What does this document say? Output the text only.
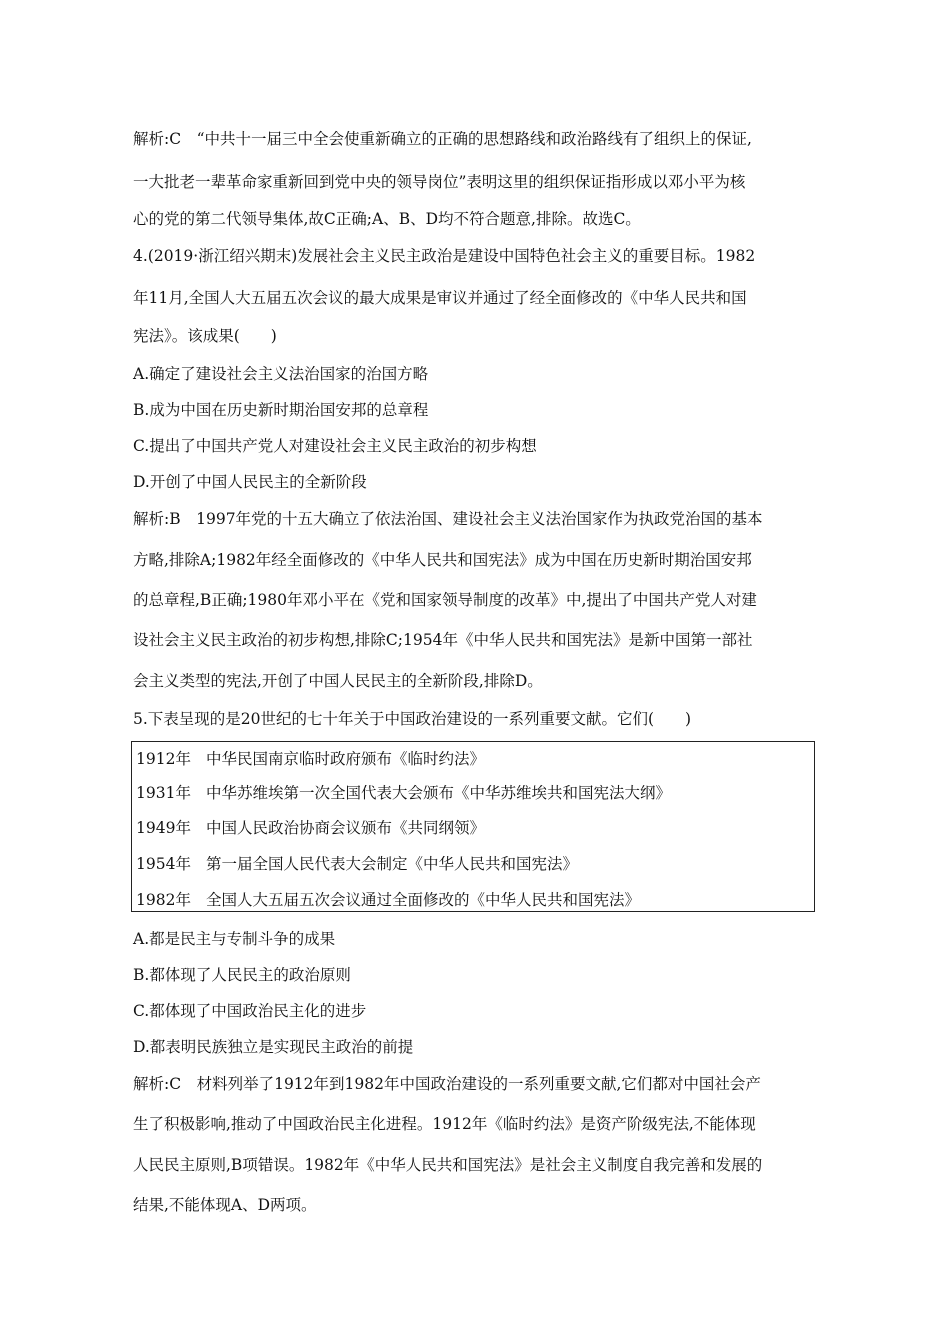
解析:C　“中共十一届三中全会使重新确立的正确的思想路线和政治路线有了组织上的保证,
一大批老一辈革命家重新回到党中央的领导岗位”表明这里的组织保证指形成以邓小平为核
心的党的第二代领导集体,故C正确;A、B、D均不符合题意,排除。故选C。
4.(2019·浙江绍兴期末)发展社会主义民主政治是建设中国特色社会主义的重要目标。1982
年11月,全国人大五届五次会议的最大成果是审议并通过了经全面修改的《中华人民共和国
宪法》。该成果(　　)
A.确定了建设社会主义法治国家的治国方略
B.成为中国在历史新时期治国安邦的总章程
C.提出了中国共产党人对建设社会主义民主政治的初步构想
D.开创了中国人民民主的全新阶段
解析:B　1997年党的十五大确立了依法治国、建设社会主义法治国家作为执政党治国的基本
方略,排除A;1982年经全面修改的《中华人民共和国宪法》成为中国在历史新时期治国安邦
的总章程,B正确;1980年邓小平在《党和国家领导制度的改革》中,提出了中国共产党人对建
设社会主义民主政治的初步构想,排除C;1954年《中华人民共和国宪法》是新中国第一部社
会主义类型的宪法,开创了中国人民民主的全新阶段,排除D。
5.下表呈现的是20世纪的七十年关于中国政治建设的一系列重要文献。它们(　　)
1912年 中华民国南京临时政府颁布《临时约法》
1931年 中华苏维埃第一次全国代表大会颁布《中华苏维埃共和国宪法大纲》
1949年 中国人民政治协商会议颁布《共同纲领》
1954年 第一届全国人民代表大会制定《中华人民共和国宪法》
1982年 全国人大五届五次会议通过全面修改的《中华人民共和国宪法》
A.都是民主与专制斗争的成果
B.都体现了人民民主的政治原则
C.都体现了中国政治民主化的进步
D.都表明民族独立是实现民主政治的前提
解析:C　材料列举了1912年到1982年中国政治建设的一系列重要文献,它们都对中国社会产
生了积极影响,推动了中国政治民主化进程。1912年《临时约法》是资产阶级宪法,不能体现
人民民主原则,B项错误。1982年《中华人民共和国宪法》是社会主义制度自我完善和发展的
结果,不能体现A、D两项。
